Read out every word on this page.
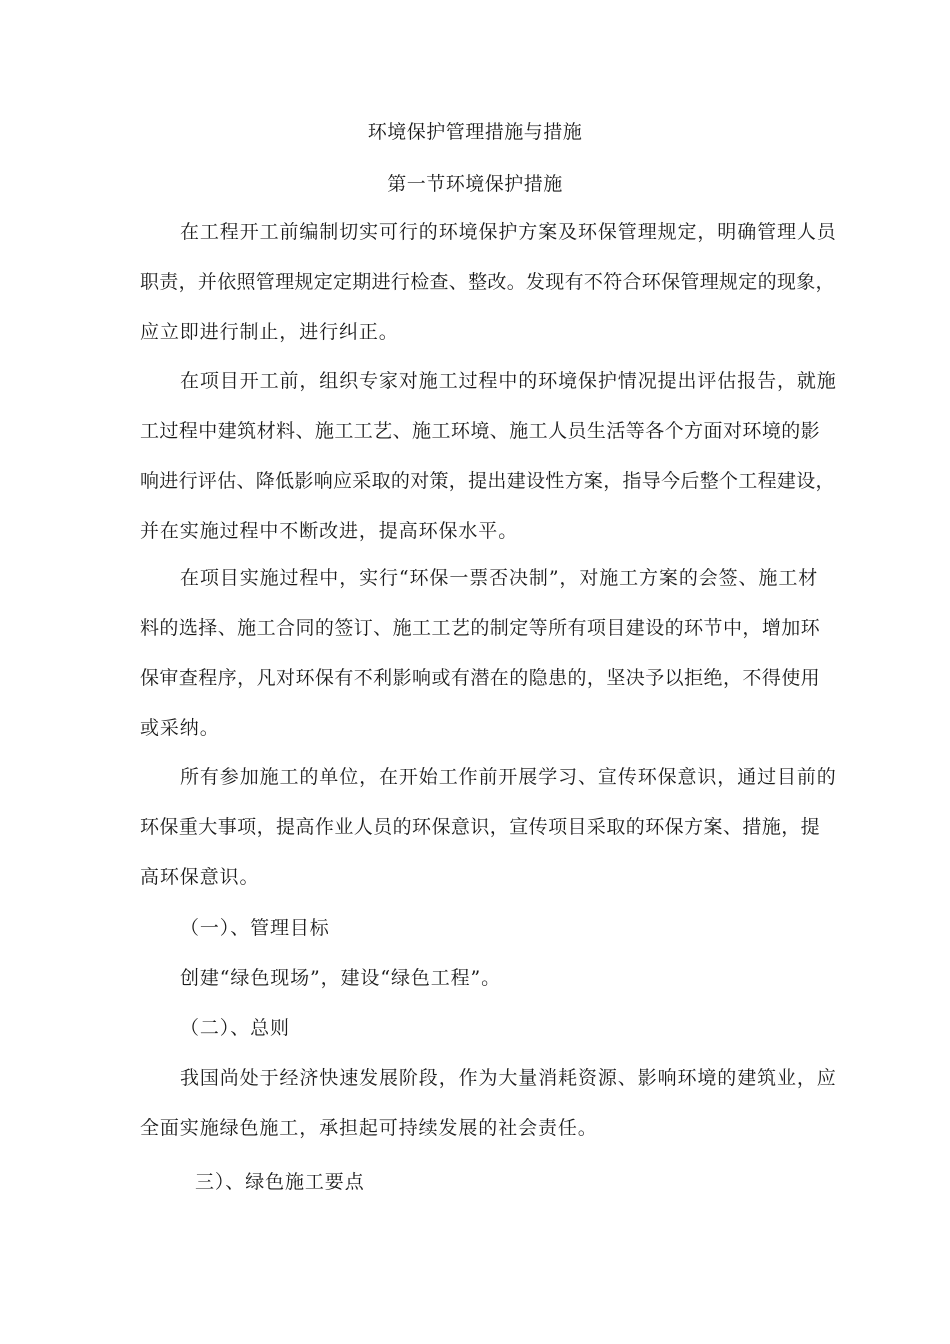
环境保护管理措施与措施
第一节环境保护措施
在工程开工前编制切实可行的环境保护方案及环保管理规定，明确管理人员
职责，并依照管理规定定期进行检查、整改。发现有不符合环保管理规定的现象，
应立即进行制止，进行纠正。
在项目开工前，组织专家对施工过程中的环境保护情况提出评估报告，就施
工过程中建筑材料、施工工艺、施工环境、施工人员生活等各个方面对环境的影
响进行评估、降低影响应采取的对策，提出建设性方案，指导今后整个工程建设，
并在实施过程中不断改进，提高环保水平。
在项目实施过程中，实行“环保一票否决制”，对施工方案的会签、施工材
料的选择、施工合同的签订、施工工艺的制定等所有项目建设的环节中，增加环
保审查程序，凡对环保有不利影响或有潜在的隐患的，坚决予以拒绝，不得使用
或采纳。
所有参加施工的单位，在开始工作前开展学习、宣传环保意识，通过目前的
环保重大事项，提高作业人员的环保意识，宣传项目采取的环保方案、措施，提
高环保意识。
（一）、管理目标
创建“绿色现场”，建设“绿色工程”。
（二）、总则
我国尚处于经济快速发展阶段，作为大量消耗资源、影响环境的建筑业，应
全面实施绿色施工，承担起可持续发展的社会责任。
三）、绿色施工要点
